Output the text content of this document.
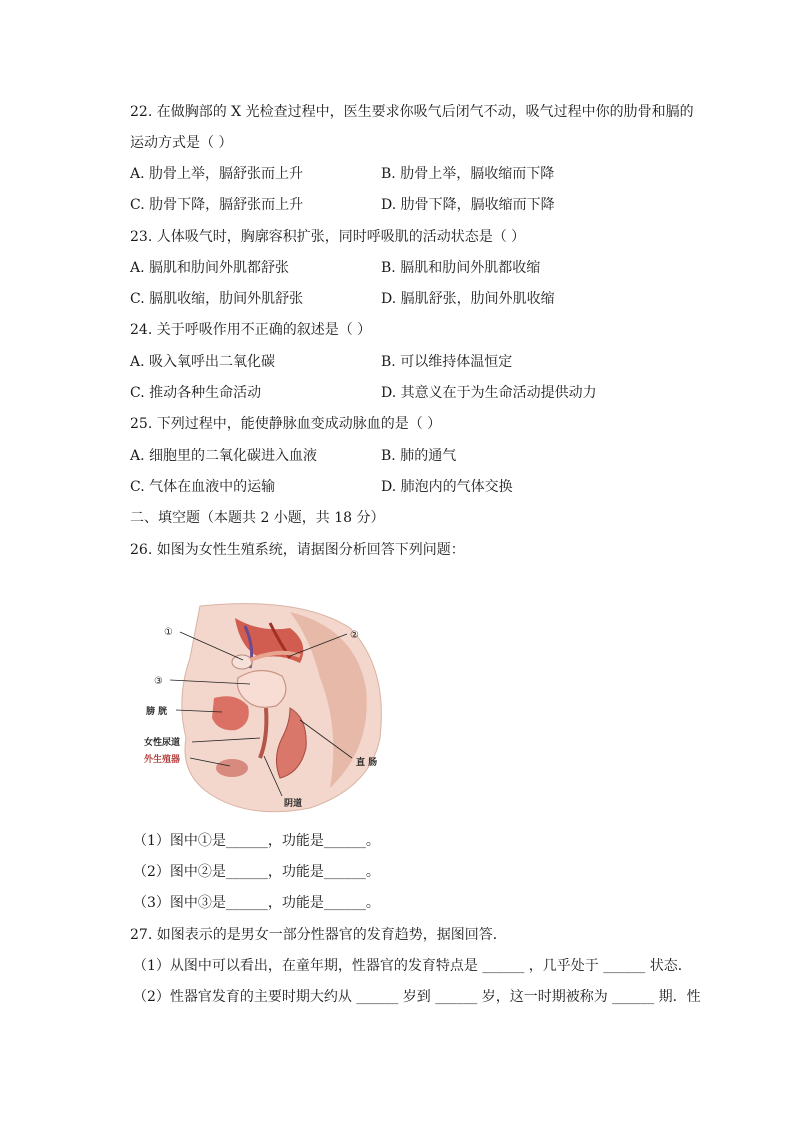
22. 在做胸部的 X 光检查过程中，医生要求你吸气后闭气不动，吸气过程中你的肋骨和膈的
运动方式是（ ）
A. 肋骨上举，膈舒张而上升	B. 肋骨上举，膈收缩而下降
C. 肋骨下降，膈舒张而上升	D. 肋骨下降，膈收缩而下降
23. 人体吸气时，胸廓容积扩张，同时呼吸肌的活动状态是（ ）
A. 膈肌和肋间外肌都舒张	B. 膈肌和肋间外肌都收缩
C. 膈肌收缩，肋间外肌舒张	D. 膈肌舒张，肋间外肌收缩
24. 关于呼吸作用不正确的叙述是（ ）
A. 吸入氧呼出二氧化碳	B. 可以维持体温恒定
C. 推动各种生命活动	D. 其意义在于为生命活动提供动力
25. 下列过程中，能使静脉血变成动脉血的是（ ）
A. 细胞里的二氧化碳进入血液	B. 肺的通气
C. 气体在血液中的运输	D. 肺泡内的气体交换
二、填空题（本题共 2 小题，共 18 分）
26. 如图为女性生殖系统，请据图分析回答下列问题：
①	②
③
膀 胱
女性尿道
外生殖器	直 肠
阴道
（1）图中①是______，功能是______。
（2）图中②是______，功能是______。
（3）图中③是______，功能是______。
27. 如图表示的是男女一部分性器官的发育趋势，据图回答．
（1）从图中可以看出，在童年期，性器官的发育特点是 ______ ，几乎处于 ______ 状态．
（2）性器官发育的主要时期大约从 ______ 岁到 ______ 岁，这一时期被称为 ______ 期．性
